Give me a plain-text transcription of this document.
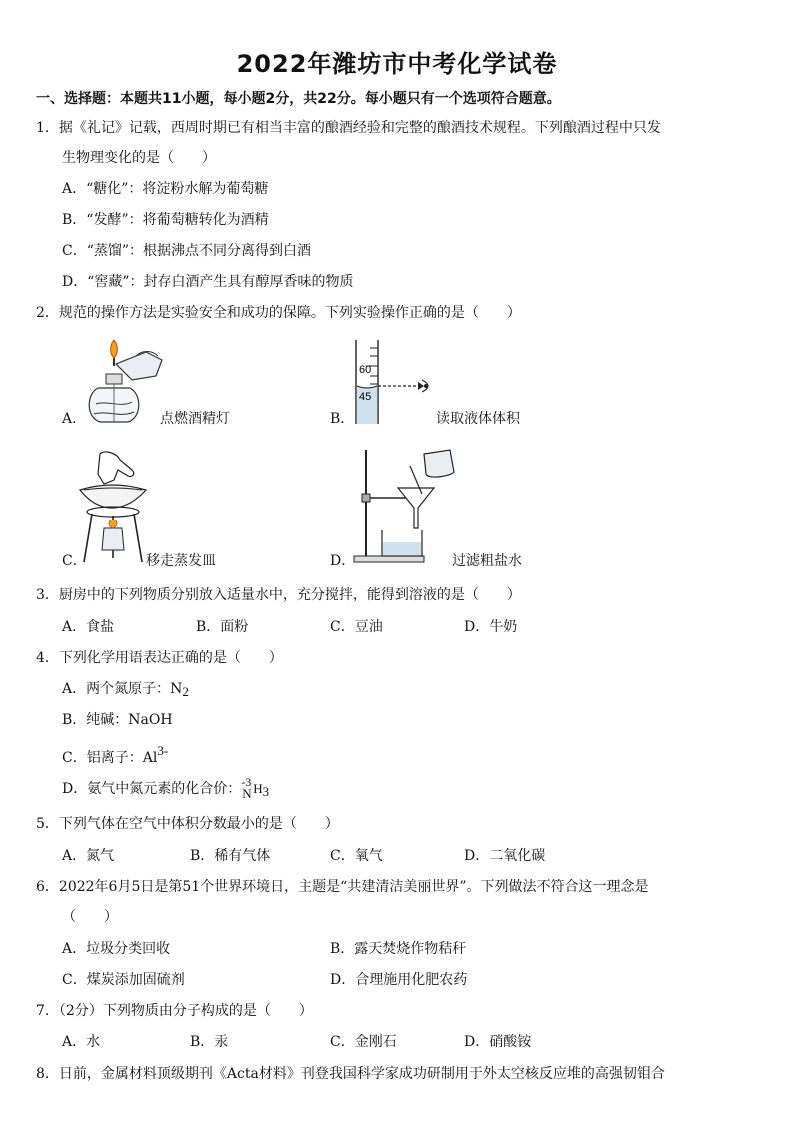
2022年潍坊市中考化学试卷
一、选择题：本题共11小题，每小题2分，共22分。每小题只有一个选项符合题意。
1．据《礼记》记载，西周时期已有相当丰富的酿酒经验和完整的酿酒技术规程。下列酿酒过程中只发
生物理变化的是（　　）
A．“糖化”：将淀粉水解为葡萄糖
B．“发酵”：将葡萄糖转化为酒精
C．“蒸馏”：根据沸点不同分离得到白酒
D．“窖藏”：封存白酒产生具有醇厚香味的物质
2．规范的操作方法是实验安全和成功的保障。下列实验操作正确的是（　　）
A．	点燃酒精灯
60
45
B．	读取液体体积
C．	移走蒸发皿	D．	过滤粗盐水
3．厨房中的下列物质分别放入适量水中，充分搅拌，能得到溶液的是（　　）
A．食盐	B．面粉	C．豆油	D．牛奶
4．下列化学用语表达正确的是（　　）
A．两个氮原子：N2
B．纯碱：NaOH
C．铝离子：Al3-
D．氨气中氮元素的化合价： -3
N H3
5．下列气体在空气中体积分数最小的是（　　）
A．氮气	B．稀有气体	C．氧气	D．二氧化碳
6．2022年6月5日是第51个世界环境日，主题是“共建清洁美丽世界”。下列做法不符合这一理念是
（　　）
A．垃圾分类回收	B．露天焚烧作物秸秆
C．煤炭添加固硫剂	D．合理施用化肥农药
7．（2分）下列物质由分子构成的是（　　）
A．水	B．汞	C．金刚石	D．硝酸铵
8．日前，金属材料顶级期刊《Acta材料》刊登我国科学家成功研制用于外太空核反应堆的高强韧钼合
